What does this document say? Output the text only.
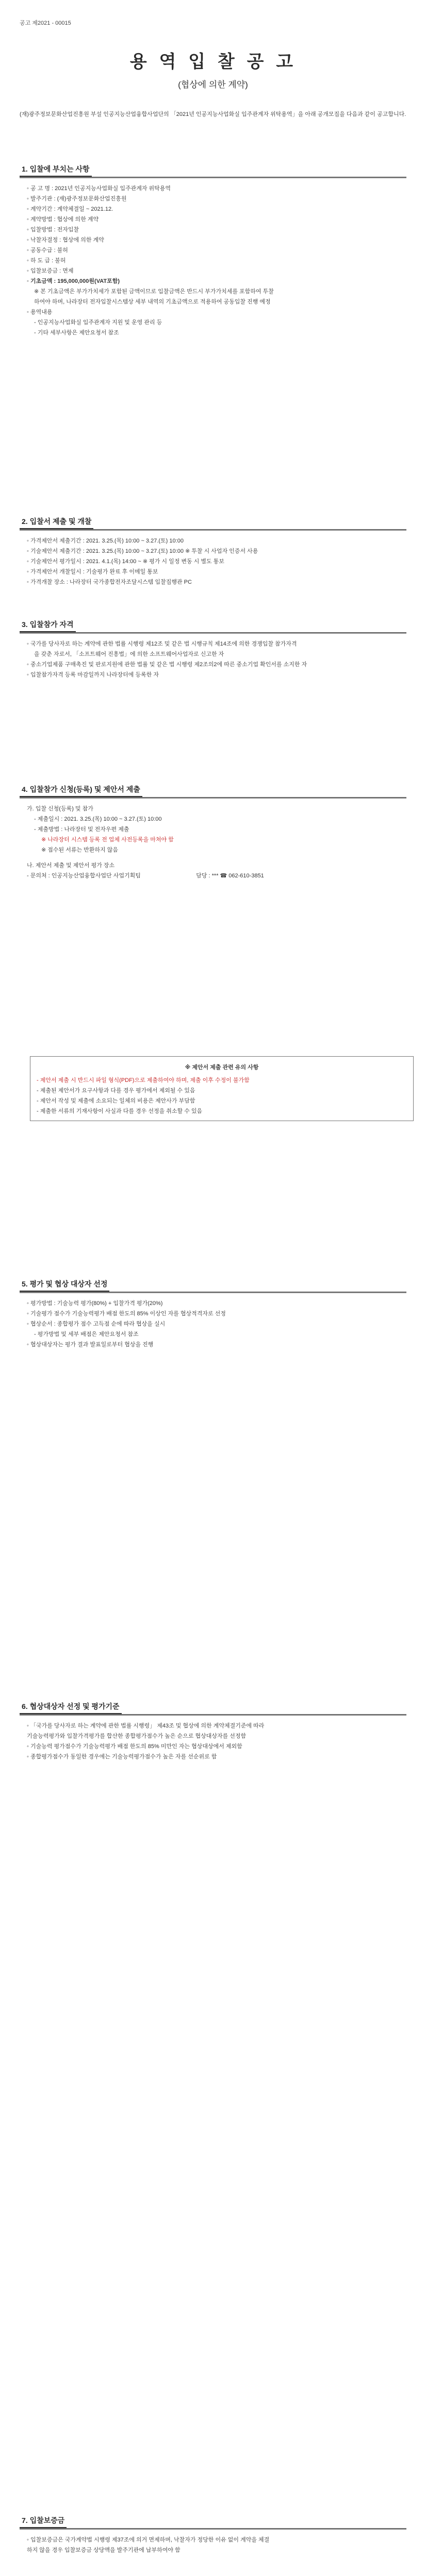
공고 제2021 - 00015
용 역 입 찰 공 고
(협상에 의한 계약)
(재)광주정보문화산업진흥원 부설 인공지능산업융합사업단의 「2021년 인공지능사업화실 입주관계자 위탁용역」을 아래 공개모집을 다음과 같이 공고합니다.
1. 입찰에 부치는 사항
◦ 공 고 명 : 2021년 인공지능사업화실 입주관계자 위탁용역
◦ 발주기관 : (재)광주정보문화산업진흥원
◦ 계약기간 : 계약체결일 ~ 2021.12.
◦ 계약방법 : 협상에 의한 계약
◦ 입찰방법 : 전자입찰
◦ 낙찰자결정 : 협상에 의한 계약
◦ 공동수급 : 불허
◦ 하 도 급 : 불허
◦ 입찰보증금 : 면제
◦ 기초금액 : 195,000,000원(VAT포함)
※ 본 기초금액은 부가가치세가 포함된 금액이므로 입찰금액은 반드시 부가가치세를 포함하여 투찰
하여야 하며, 나라장터 전자입찰시스템상 세부 내역의 기초금액으로 적용하여 공동입찰 진행 예정
◦ 용역내용
- 인공지능사업화실 입주관계자 지원 및 운영 관리 등
- 기타 세부사항은 제안요청서 참조
2. 입찰서 제출 및 개찰
◦ 가격제안서 제출기간 : 2021. 3.25.(목) 10:00 ~ 3.27.(토) 10:00
◦ 기술제안서 제출기간 : 2021. 3.25.(목) 10:00 ~ 3.27.(토) 10:00 ※ 투찰 시 사업자 인증서 사용
◦ 기술제안서 평가일시 : 2021. 4.1.(목) 14:00 ~ ※ 평가 시 일정 변동 시 별도 통보
◦ 가격제안서 개찰일시 : 기술평가 완료 후 이메일 통보
◦ 가격개찰 장소 : 나라장터 국가종합전자조달시스템 입찰집행관 PC
3. 입찰참가 자격
◦ 국가를 당사자로 하는 계약에 관한 법률 시행령 제12조 및 같은 법 시행규칙 제14조에 의한 경쟁입찰 참가자격
을 갖춘 자로서, 「소프트웨어 진흥법」에 의한 소프트웨어사업자로 신고한 자
◦ 중소기업제품 구매촉진 및 판로지원에 관한 법률 및 같은 법 시행령 제2조의2에 따른 중소기업 확인서를 소지한 자
◦ 입찰참가자격 등록 마감일까지 나라장터에 등록한 자
4. 입찰참가 신청(등록) 및 제안서 제출
가. 입찰 신청(등록) 및 참가
- 제출일시 : 2021. 3.25.(목) 10:00 ~ 3.27.(토) 10:00
- 제출방법 : 나라장터 및 전자우편 제출
※ 나라장터 시스템 등록 전 업체 사전등록을 마쳐야 함
※ 접수된 서류는 반환하지 않음
나. 제안서 제출 및 제안서 평가 장소
- 문의처 : 인공지능산업융합사업단 사업기획팀	담당 : *** ☎ 062-610-3851
※ 제안서 제출 관련 유의 사항
- 제안서 제출 시 반드시 파일 형식(PDF)으로 제출하여야 하며, 제출 이후 수정이 불가함
- 제출된 제안서가 요구사항과 다를 경우 평가에서 제외될 수 있음
- 제안서 작성 및 제출에 소요되는 일체의 비용은 제안사가 부담함
- 제출한 서류의 기재사항이 사실과 다를 경우 선정을 취소할 수 있음
5. 평가 및 협상 대상자 선정
◦ 평가방법 : 기술능력 평가(80%) + 입찰가격 평가(20%)
◦ 기술평가 점수가 기술능력평가 배점 한도의 85% 이상인 자를 협상적격자로 선정
◦ 협상순서 : 종합평가 점수 고득점 순에 따라 협상을 실시
- 평가방법 및 세부 배점은 제안요청서 참조
◦ 협상대상자는 평가 결과 발표일로부터 협상을 진행
6. 협상대상자 선정 및 평가기준
◦ 「국가를 당사자로 하는 계약에 관한 법률 시행령」 제43조 및 협상에 의한 계약체결기준에 따라
기술능력평가와 입찰가격평가를 합산한 종합평가점수가 높은 순으로 협상대상자를 선정함
◦ 기술능력 평가점수가 기술능력평가 배점 한도의 85% 미만인 자는 협상대상에서 제외함
◦ 종합평가점수가 동일한 경우에는 기술능력평가점수가 높은 자를 선순위로 함
7. 입찰보증금
◦ 입찰보증금은 국가계약법 시행령 제37조에 의거 면제하며, 낙찰자가 정당한 이유 없이 계약을 체결
하지 않을 경우 입찰보증금 상당액을 발주기관에 납부하여야 함
